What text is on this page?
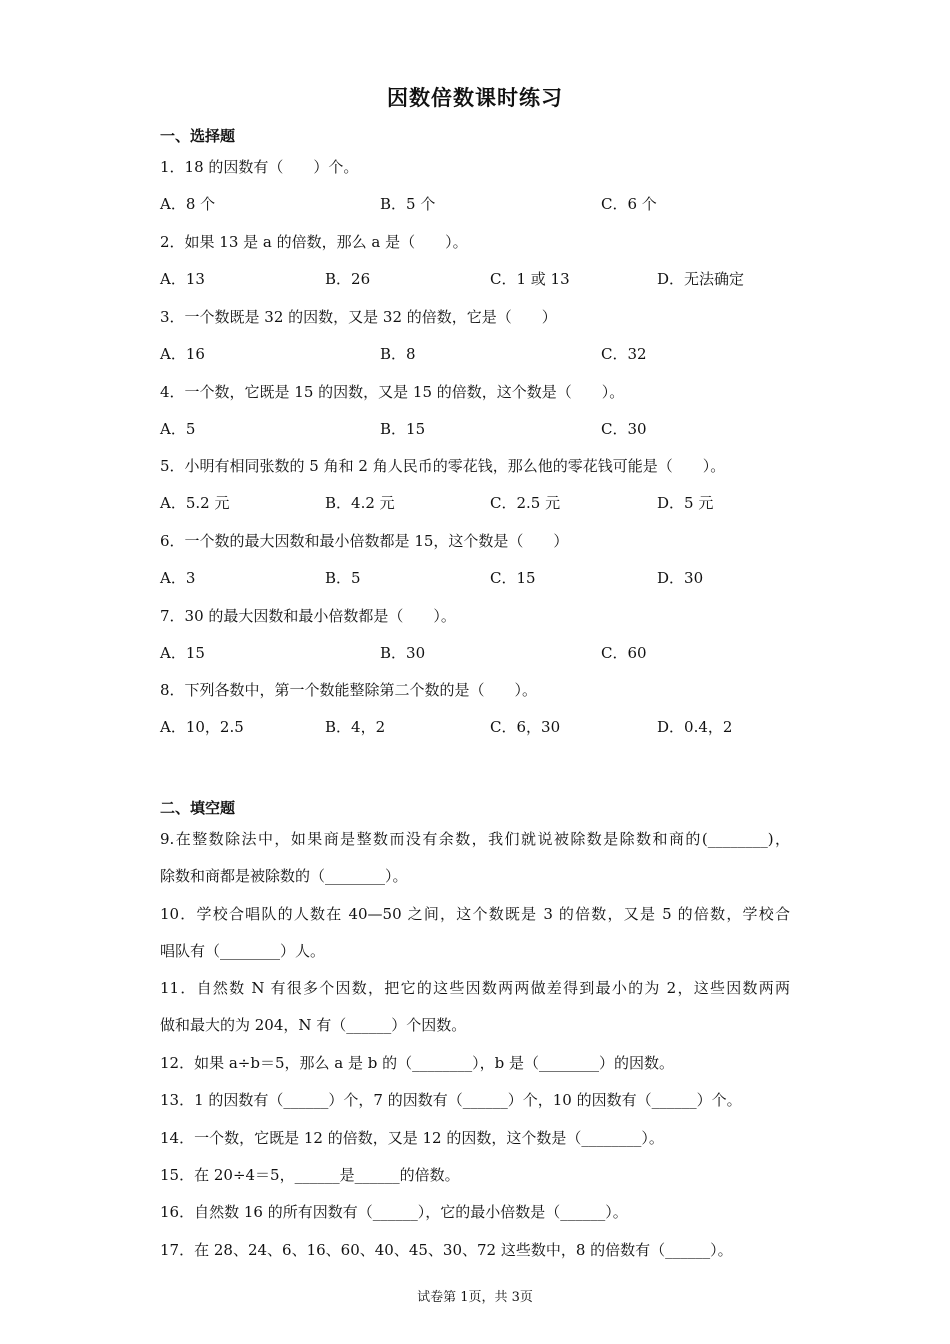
因数倍数课时练习
一、选择题
1．18 的因数有（　　）个。
A．8 个	B．5 个	C．6 个
2．如果 13 是 a 的倍数，那么 a 是（　　）。
A．13	B．26	C．1 或 13	D．无法确定
3．一个数既是 32 的因数，又是 32 的倍数，它是（　　）
A．16	B．8	C．32
4．一个数，它既是 15 的因数，又是 15 的倍数，这个数是（　　）。
A．5	B．15	C．30
5．小明有相同张数的 5 角和 2 角人民币的零花钱，那么他的零花钱可能是（　　）。
A．5.2 元	B．4.2 元	C．2.5 元	D．5 元
6．一个数的最大因数和最小倍数都是 15，这个数是（　　）
A．3	B．5	C．15	D．30
7．30 的最大因数和最小倍数都是（　　）。
A．15	B．30	C．60
8．下列各数中，第一个数能整除第二个数的是（　　）。
A．10，2.5	B．4，2	C．6，30	D．0.4，2
二、填空题
9.在整数除法中，如果商是整数而没有余数，我们就说被除数是除数和商的(________)，
除数和商都是被除数的（________）。
10．学校合唱队的人数在 40—50 之间，这个数既是 3 的倍数，又是 5 的倍数，学校合
唱队有（________）人。
11．自然数 N 有很多个因数，把它的这些因数两两做差得到最小的为 2，这些因数两两
做和最大的为 204，N 有（______）个因数。
12．如果 a÷b＝5，那么 a 是 b 的（________），b 是（________）的因数。
13．1 的因数有（______）个，7 的因数有（______）个，10 的因数有（______）个。
14．一个数，它既是 12 的倍数，又是 12 的因数，这个数是（________）。
15．在 20÷4＝5，______是______的倍数。
16．自然数 16 的所有因数有（______），它的最小倍数是（______）。
17．在 28、24、6、16、60、40、45、30、72 这些数中，8 的倍数有（______）。
试卷第 1页，共 3页
